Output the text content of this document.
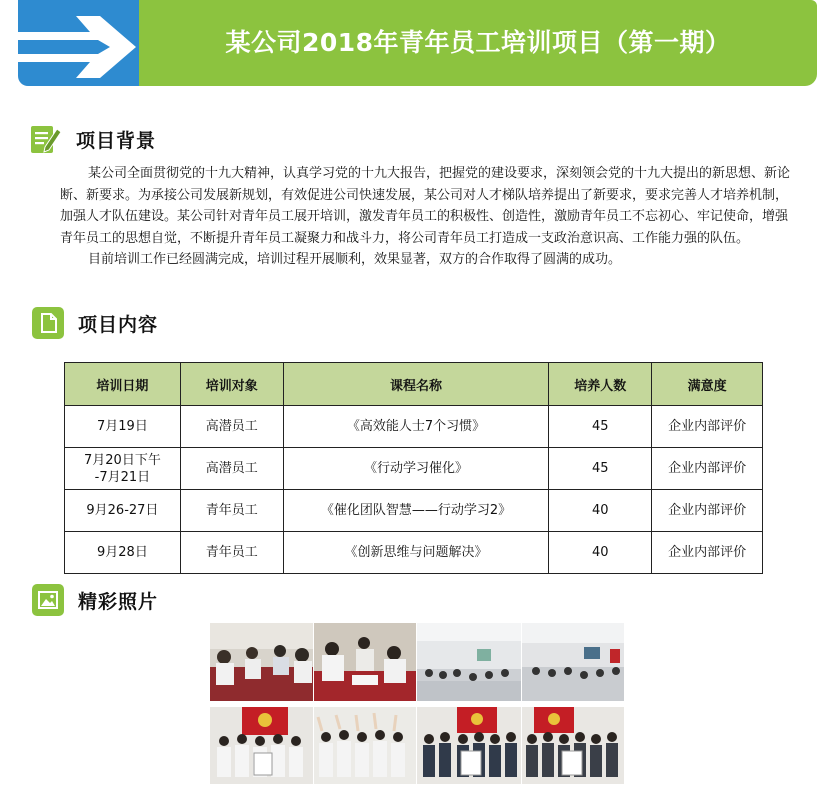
某公司2018年青年员工培训项目（第一期）
项目背景

某公司全面贯彻党的十九大精神，认真学习党的十九大报告，把握党的建设要求，深刻领会党的十九大提出的新思想、新论断、新要求。为承接公司发展新规划，有效促进公司快速发展，某公司对人才梯队培养提出了新要求，要求完善人才培养机制，加强人才队伍建设。某公司针对青年员工展开培训，激发青年员工的积极性、创造性，激励青年员工不忘初心、牢记使命，增强青年员工的思想自觉，不断提升青年员工凝聚力和战斗力，将公司青年员工打造成一支政治意识高、工作能力强的队伍。

目前培训工作已经圆满完成，培训过程开展顺利，效果显著，双方的合作取得了圆满的成功。

项目内容
培训日期	培训对象	课程名称	培养人数	满意度
7月19日	高潜员工	《高效能人士7个习惯》	45	企业内部评价
7月20日下午
-7月21日	高潜员工	《行动学习催化》	45	企业内部评价
9月26-27日	青年员工	《催化团队智慧——行动学习2》	40	企业内部评价
9月28日	青年员工	《创新思维与问题解决》	40	企业内部评价
精彩照片
